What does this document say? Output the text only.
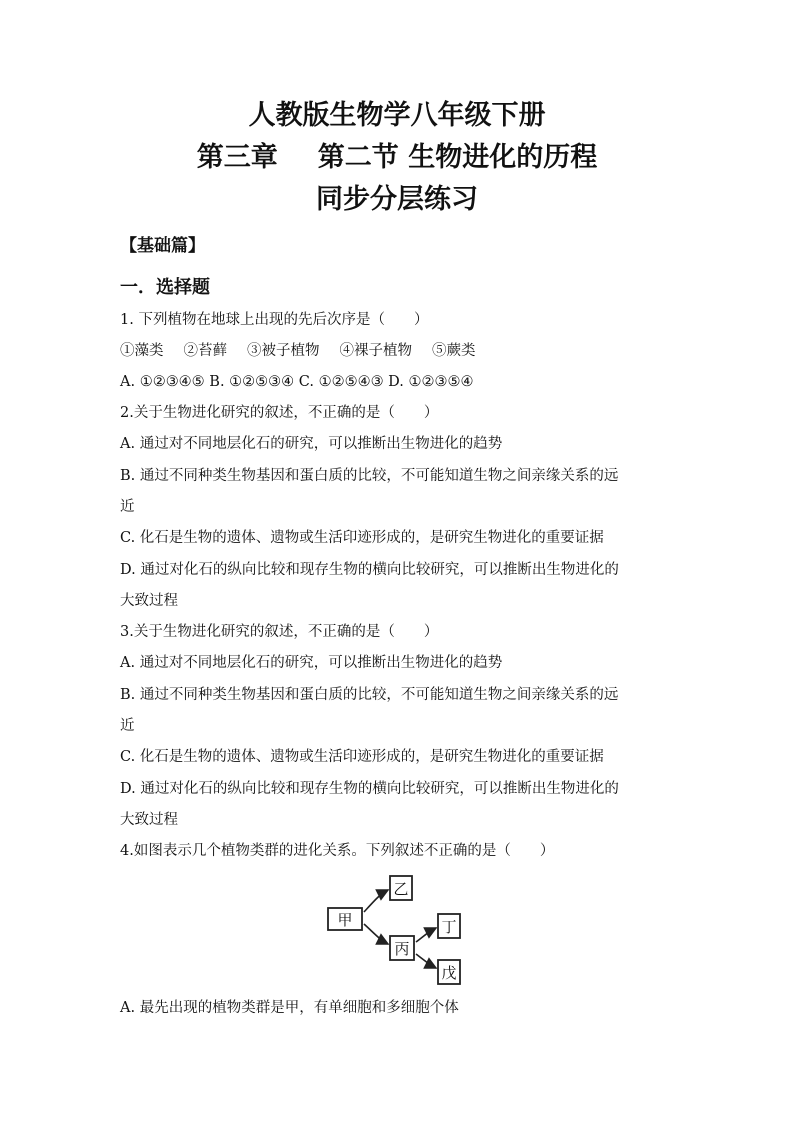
人教版生物学八年级下册
第三章 第二节 生物进化的历程
同步分层练习
【基础篇】
一．选择题
1. 下列植物在地球上出现的先后次序是（　　）
①藻类 ②苔藓 ③被子植物 ④裸子植物 ⑤蕨类
A. ①②③④⑤ B. ①②⑤③④ C. ①②⑤④③ D. ①②③⑤④
2.关于生物进化研究的叙述，不正确的是（　　）
A. 通过对不同地层化石的研究，可以推断出生物进化的趋势
B. 通过不同种类生物基因和蛋白质的比较，不可能知道生物之间亲缘关系的远
近
C. 化石是生物的遗体、遗物或生活印迹形成的，是研究生物进化的重要证据
D. 通过对化石的纵向比较和现存生物的横向比较研究，可以推断出生物进化的
大致过程
3.关于生物进化研究的叙述，不正确的是（　　）
A. 通过对不同地层化石的研究，可以推断出生物进化的趋势
B. 通过不同种类生物基因和蛋白质的比较，不可能知道生物之间亲缘关系的远
近
C. 化石是生物的遗体、遗物或生活印迹形成的，是研究生物进化的重要证据
D. 通过对化石的纵向比较和现存生物的横向比较研究，可以推断出生物进化的
大致过程
4.如图表示几个植物类群的进化关系。下列叙述不正确的是（　　）
甲
乙
丙
丁
戊
A. 最先出现的植物类群是甲，有单细胞和多细胞个体
